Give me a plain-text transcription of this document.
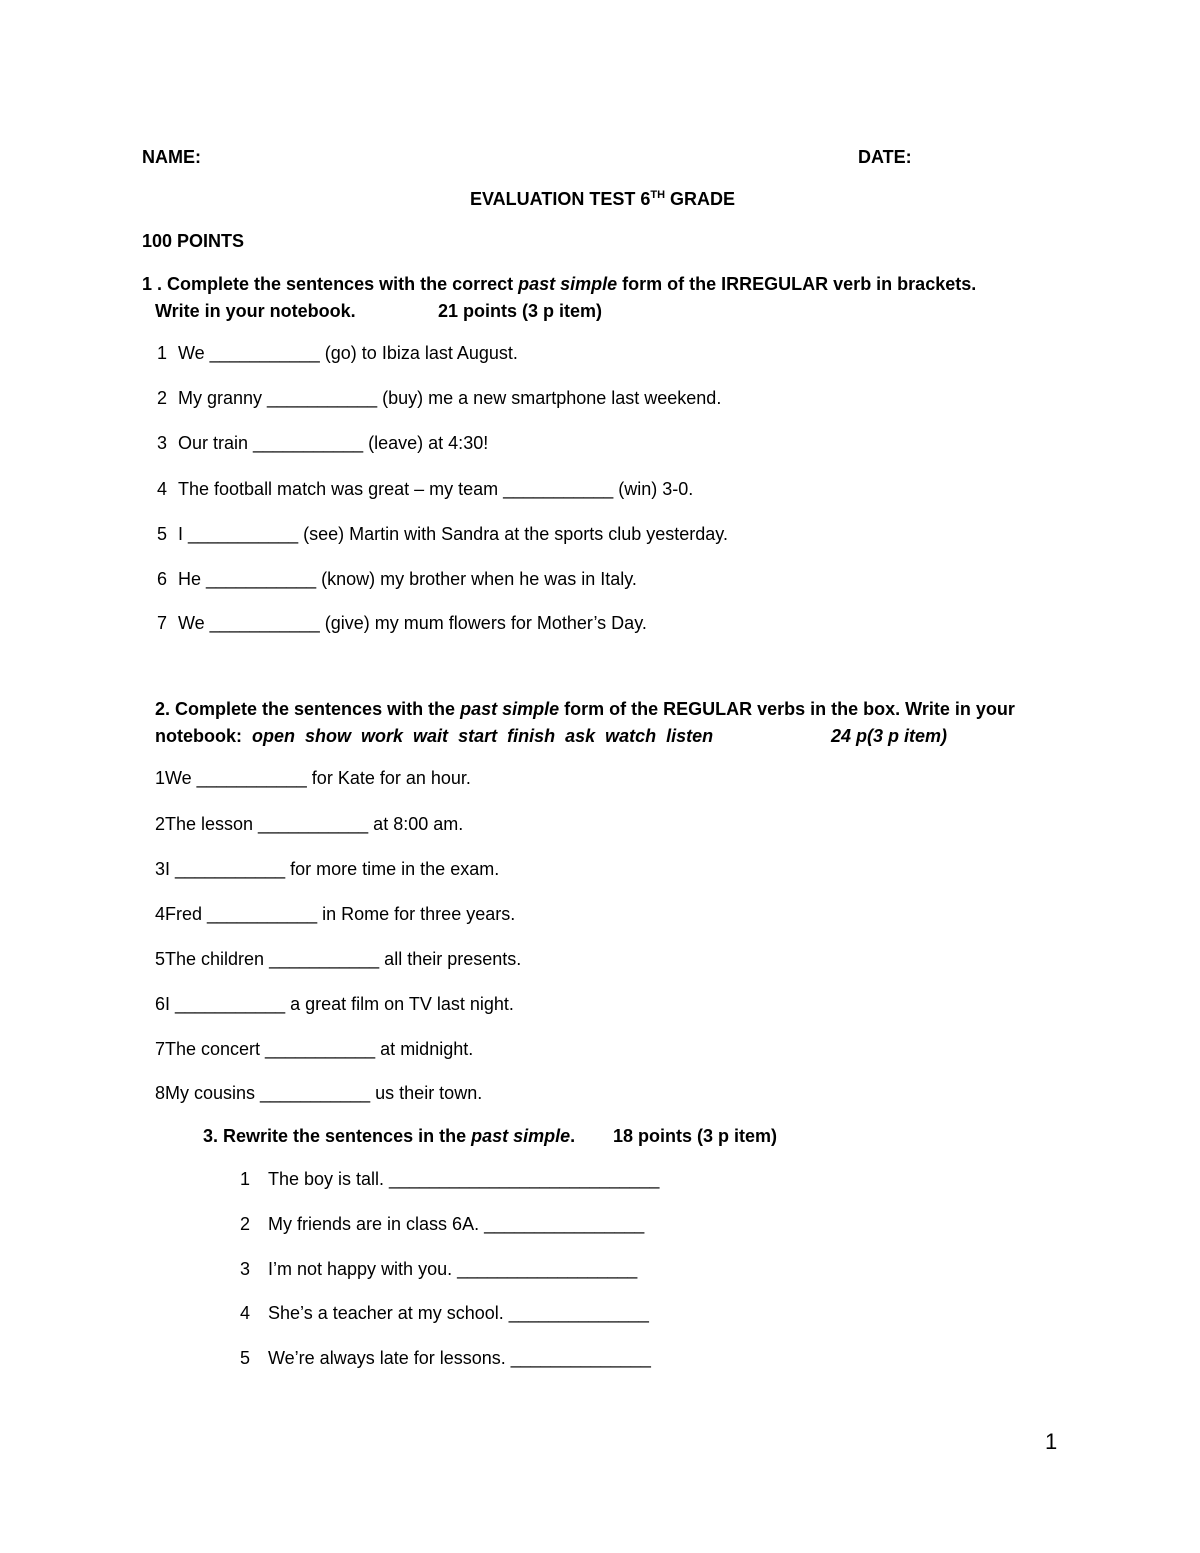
NAME:	DATE:
EVALUATION TEST 6TH GRADE
100 POINTS
1 . Complete the sentences with the correct past simple form of the IRREGULAR verb in brackets.
Write in your notebook.	21 points (3 p item)
1 We ___________ (go) to Ibiza last August.
2 My granny ___________ (buy) me a new smartphone last weekend.
3 Our train ___________ (leave) at 4:30!
4 The football match was great – my team ___________ (win) 3-0.
5 I ___________ (see) Martin with Sandra at the sports club yesterday.
6 He ___________ (know) my brother when he was in Italy.
7 We ___________ (give) my mum flowers for Mother’s Day.
2. Complete the sentences with the past simple form of the REGULAR verbs in the box. Write in your
notebook: open show work wait start finish ask watch listen	24 p(3 p item)
1We ___________ for Kate for an hour.
2The lesson ___________ at 8:00 am.
3I ___________ for more time in the exam.
4Fred ___________ in Rome for three years.
5The children ___________ all their presents.
6I ___________ a great film on TV last night.
7The concert ___________ at midnight.
8My cousins ___________ us their town.
3. Rewrite the sentences in the past simple. 18 points (3 p item)
1 The boy is tall. ___________________________
2 My friends are in class 6A. ________________
3 I’m not happy with you. __________________
4 She’s a teacher at my school. ______________
5 We’re always late for lessons. ______________
1
